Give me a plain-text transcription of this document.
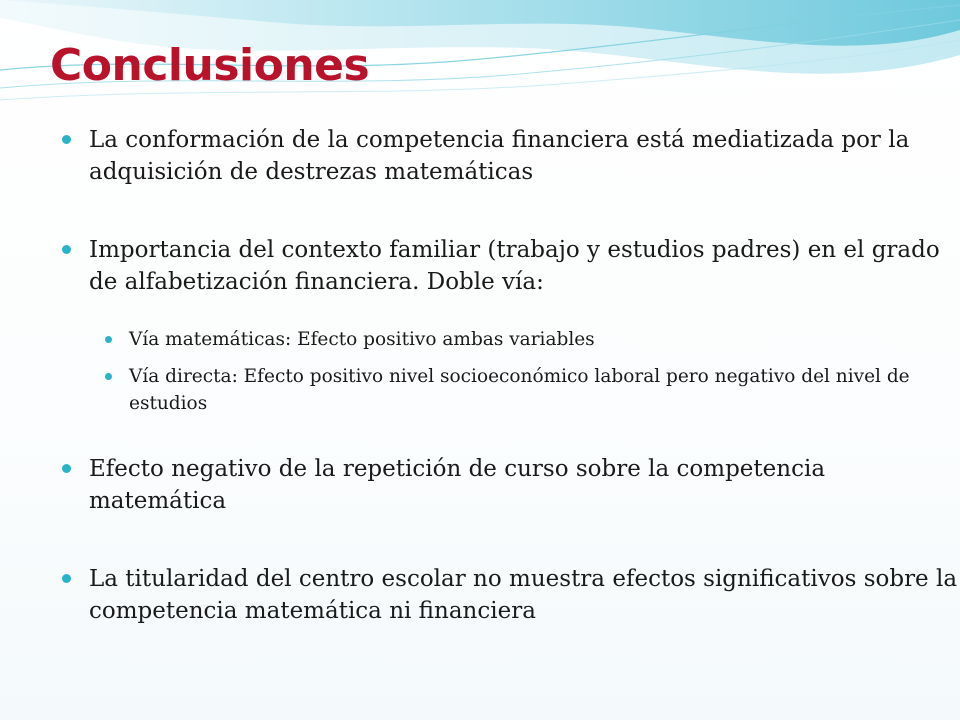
Conclusiones
La conformación de la competencia financiera está mediatizada por la adquisición de destrezas matemáticas
Importancia del contexto familiar (trabajo y estudios padres) en el grado de alfabetización financiera. Doble vía:
Vía matemáticas: Efecto positivo ambas variables
Vía directa: Efecto positivo nivel socioeconómico laboral pero negativo del nivel de estudios
Efecto negativo de la repetición de curso sobre la competencia matemática
La titularidad del centro escolar no muestra efectos significativos sobre la competencia matemática ni financiera
